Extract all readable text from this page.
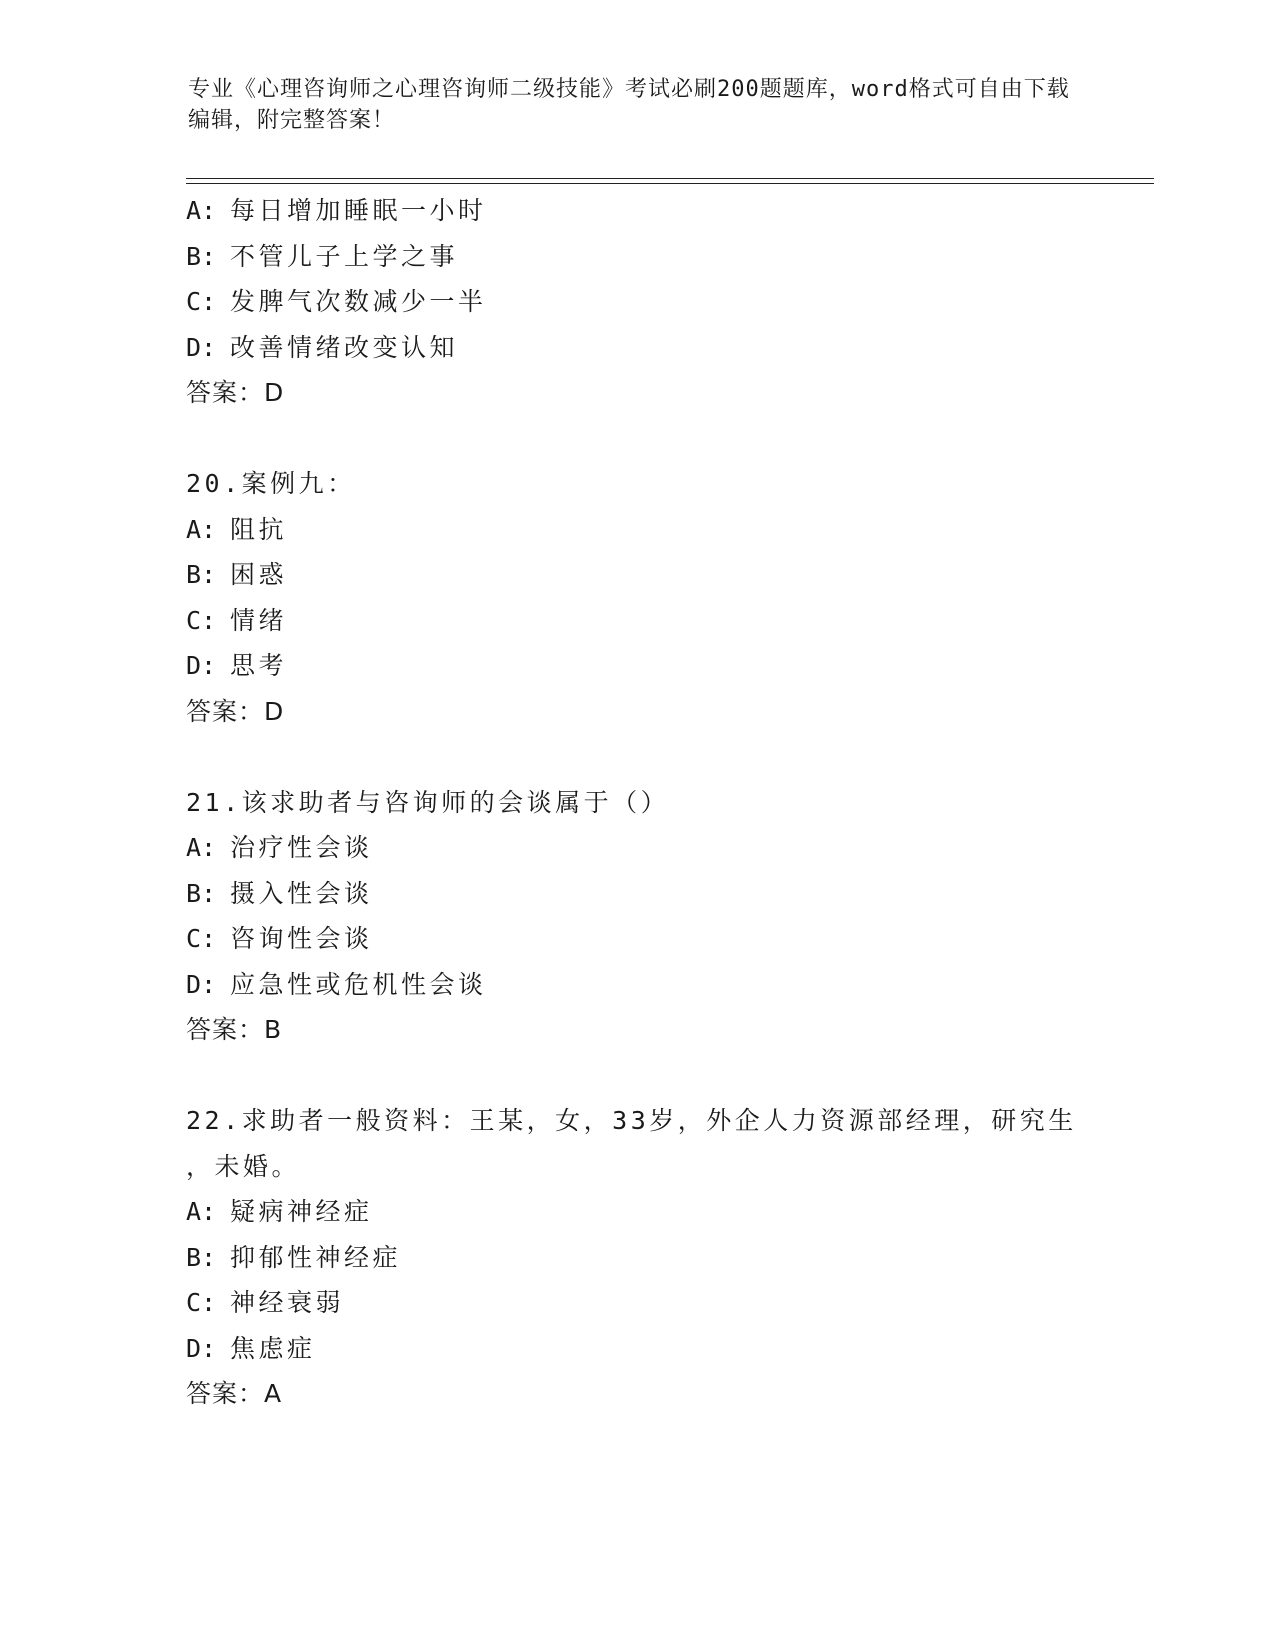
专业《心理咨询师之心理咨询师二级技能》考试必刷200题题库，word格式可自由下载编辑，附完整答案！
A: 每日增加睡眠一小时
B: 不管儿子上学之事
C: 发脾气次数减少一半
D: 改善情绪改变认知
答案：D
20.案例九：
A: 阻抗
B: 困惑
C: 情绪
D: 思考
答案：D
21.该求助者与咨询师的会谈属于（）
A: 治疗性会谈
B: 摄入性会谈
C: 咨询性会谈
D: 应急性或危机性会谈
答案：B
22.求助者一般资料：王某，女，33岁，外企人力资源部经理，研究生
，未婚。
A: 疑病神经症
B: 抑郁性神经症
C: 神经衰弱
D: 焦虑症
答案：A
